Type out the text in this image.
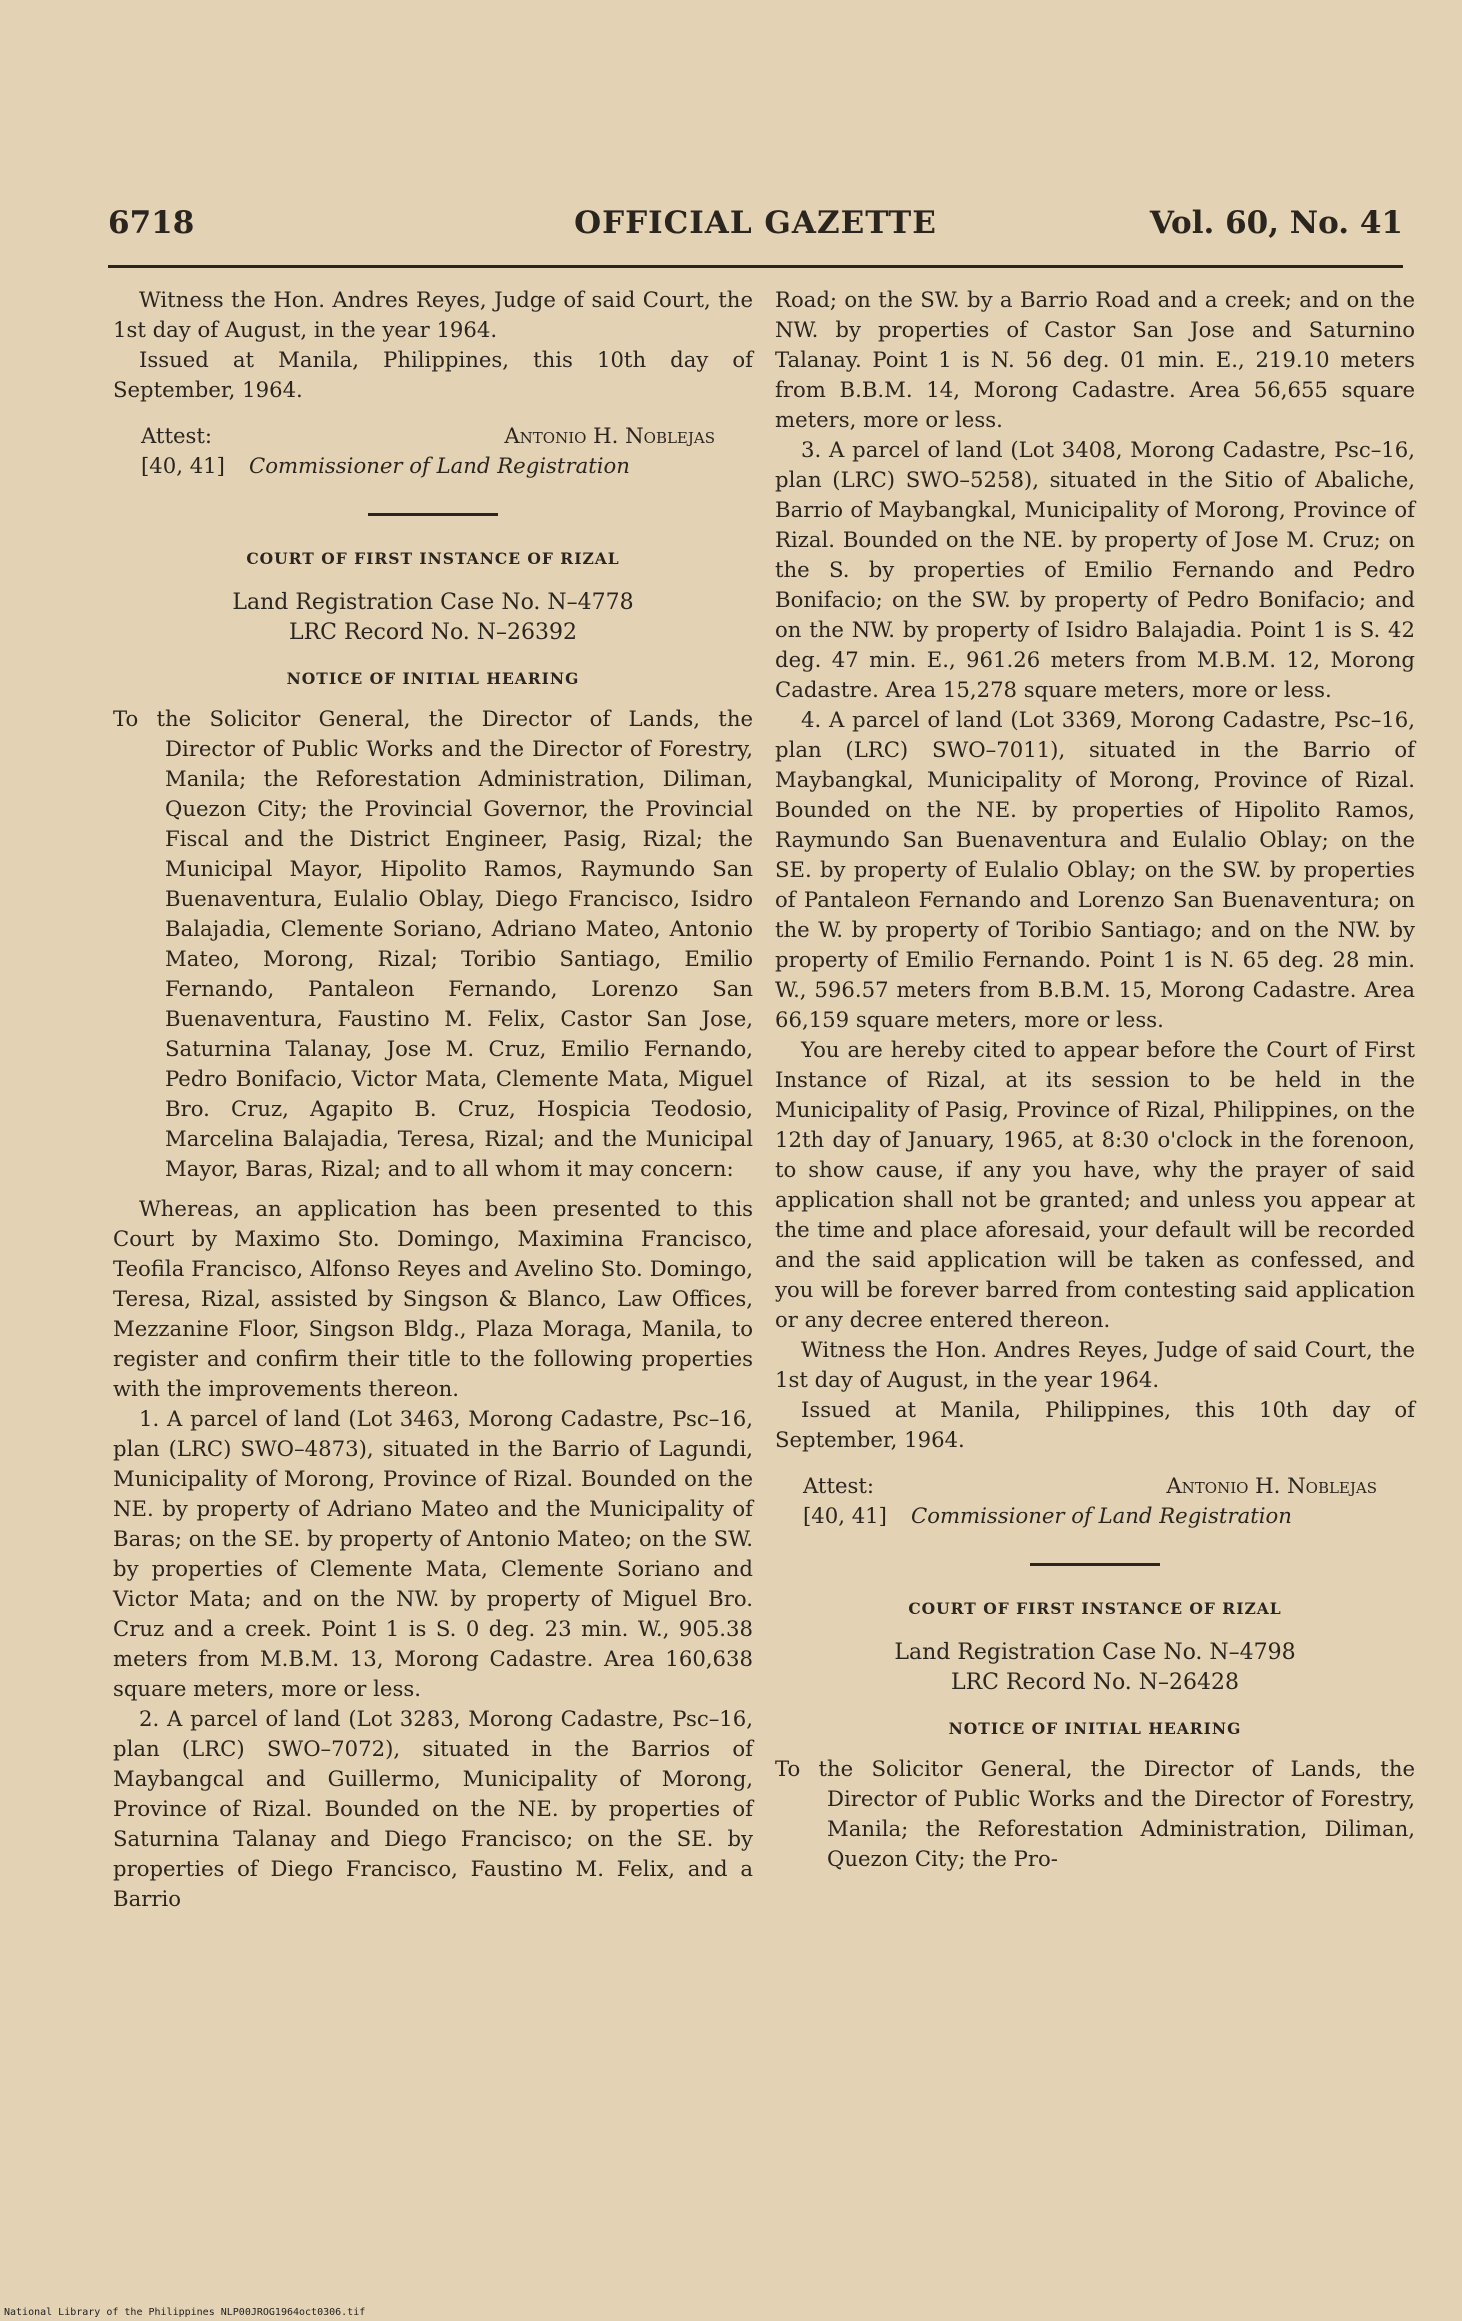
6718	OFFICIAL GAZETTE	Vol. 60, No. 41

Witness the Hon. Andres Reyes, Judge of said Court, the 1st day of August, in the year 1964.

Issued at Manila, Philippines, this 10th day of September, 1964.

Attest:	Antonio H. Noblejas
[40, 41]	Commissioner of Land Registration
COURT OF FIRST INSTANCE OF RIZAL
Land Registration Case No. N–4778
LRC Record No. N–26392
NOTICE OF INITIAL HEARING

To the Solicitor General, the Director of Lands, the Director of Public Works and the Director of Forestry, Manila; the Reforestation Administration, Diliman, Quezon City; the Provincial Governor, the Provincial Fiscal and the District Engineer, Pasig, Rizal; the Municipal Mayor, Hipolito Ramos, Raymundo San Buenaventura, Eulalio Oblay, Diego Francisco, Isidro Balajadia, Clemente Soriano, Adriano Mateo, Antonio Mateo, Morong, Rizal; Toribio Santiago, Emilio Fernando, Pantaleon Fernando, Lorenzo San Buenaventura, Faustino M. Felix, Castor San Jose, Saturnina Talanay, Jose M. Cruz, Emilio Fernando, Pedro Bonifacio, Victor Mata, Clemente Mata, Miguel Bro. Cruz, Agapito B. Cruz, Hospicia Teodosio, Marcelina Balajadia, Teresa, Rizal; and the Municipal Mayor, Baras, Rizal; and to all whom it may concern:

Whereas, an application has been presented to this Court by Maximo Sto. Domingo, Maximina Francisco, Teofila Francisco, Alfonso Reyes and Avelino Sto. Domingo, Teresa, Rizal, assisted by Singson & Blanco, Law Offices, Mezzanine Floor, Singson Bldg., Plaza Moraga, Manila, to register and confirm their title to the following properties with the improvements thereon.

1. A parcel of land (Lot 3463, Morong Cadastre, Psc–16, plan (LRC) SWO–4873), situated in the Barrio of Lagundi, Municipality of Morong, Province of Rizal. Bounded on the NE. by property of Adriano Mateo and the Municipality of Baras; on the SE. by property of Antonio Mateo; on the SW. by properties of Clemente Mata, Clemente Soriano and Victor Mata; and on the NW. by property of Miguel Bro. Cruz and a creek. Point 1 is S. 0 deg. 23 min. W., 905.38 meters from M.B.M. 13, Morong Cadastre. Area 160,638 square meters, more or less.

2. A parcel of land (Lot 3283, Morong Cadastre, Psc–16, plan (LRC) SWO–7072), situated in the Barrios of Maybangcal and Guillermo, Municipality of Morong, Province of Rizal. Bounded on the NE. by properties of Saturnina Talanay and Diego Francisco; on the SE. by properties of Diego Francisco, Faustino M. Felix, and a Barrio

Road; on the SW. by a Barrio Road and a creek; and on the NW. by properties of Castor San Jose and Saturnino Talanay. Point 1 is N. 56 deg. 01 min. E., 219.10 meters from B.B.M. 14, Morong Cadastre. Area 56,655 square meters, more or less.

3. A parcel of land (Lot 3408, Morong Cadastre, Psc–16, plan (LRC) SWO–5258), situated in the Sitio of Abaliche, Barrio of Maybangkal, Municipality of Morong, Province of Rizal. Bounded on the NE. by property of Jose M. Cruz; on the S. by properties of Emilio Fernando and Pedro Bonifacio; on the SW. by property of Pedro Bonifacio; and on the NW. by property of Isidro Balajadia. Point 1 is S. 42 deg. 47 min. E., 961.26 meters from M.B.M. 12, Morong Cadastre. Area 15,278 square meters, more or less.

4. A parcel of land (Lot 3369, Morong Cadastre, Psc–16, plan (LRC) SWO–7011), situated in the Barrio of Maybangkal, Municipality of Morong, Province of Rizal. Bounded on the NE. by properties of Hipolito Ramos, Raymundo San Buenaventura and Eulalio Oblay; on the SE. by property of Eulalio Oblay; on the SW. by properties of Pantaleon Fernando and Lorenzo San Buenaventura; on the W. by property of Toribio Santiago; and on the NW. by property of Emilio Fernando. Point 1 is N. 65 deg. 28 min. W., 596.57 meters from B.B.M. 15, Morong Cadastre. Area 66,159 square meters, more or less.

You are hereby cited to appear before the Court of First Instance of Rizal, at its session to be held in the Municipality of Pasig, Province of Rizal, Philippines, on the 12th day of January, 1965, at 8:30 o'clock in the forenoon, to show cause, if any you have, why the prayer of said application shall not be granted; and unless you appear at the time and place aforesaid, your default will be recorded and the said application will be taken as confessed, and you will be forever barred from contesting said application or any decree entered thereon.

Witness the Hon. Andres Reyes, Judge of said Court, the 1st day of August, in the year 1964.

Issued at Manila, Philippines, this 10th day of September, 1964.

Attest:	Antonio H. Noblejas
[40, 41]	Commissioner of Land Registration
COURT OF FIRST INSTANCE OF RIZAL
Land Registration Case No. N–4798
LRC Record No. N–26428
NOTICE OF INITIAL HEARING

To the Solicitor General, the Director of Lands, the Director of Public Works and the Director of Forestry, Manila; the Reforestation Administration, Diliman, Quezon City; the Pro-

National Library of the Philippines NLP00JROG1964oct0306.tif
